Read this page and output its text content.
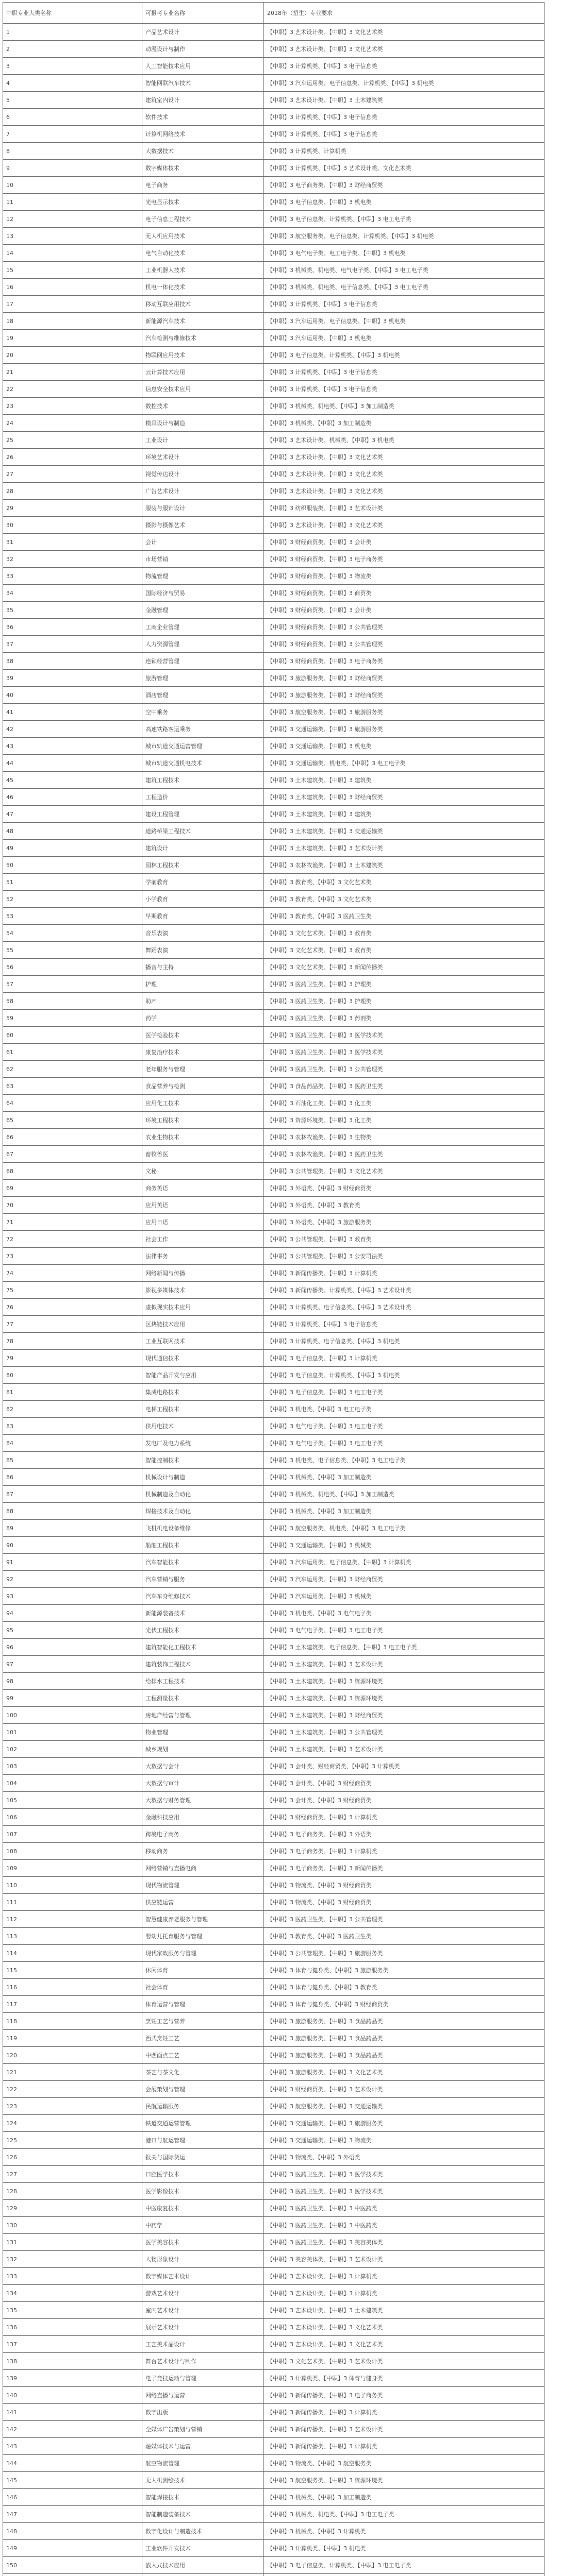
中职专业大类名称	可报考专业名称	2018年（招生）专业要求
1	产品艺术设计	【中职】3 艺术设计类、【中职】3 文化艺术类
2	动漫设计与制作	【中职】3 艺术设计类、【中职】3 文化艺术类
3	人工智能技术应用	【中职】3 计算机类、【中职】3 电子信息类
4	智能网联汽车技术	【中职】3 汽车运用类、电子信息类、计算机类、【中职】3 机电类
5	建筑室内设计	【中职】3 艺术设计类、【中职】3 土木建筑类
6	软件技术	【中职】3 计算机类、【中职】3 电子信息类
7	计算机网络技术	【中职】3 计算机类、【中职】3 电子信息类
8	大数据技术	【中职】3 计算机类、计算机类
9	数字媒体技术	【中职】3 计算机类、【中职】3 艺术设计类、文化艺术类
10	电子商务	【中职】3 电子商务类、【中职】3 财经商贸类
11	光电显示技术	【中职】3 电子信息类、【中职】3 机电类
12	电子信息工程技术	【中职】3 电子信息类、计算机类、【中职】3 电工电子类
13	无人机应用技术	【中职】3 航空服务类、电子信息类、计算机类、【中职】3 机电类
14	电气自动化技术	【中职】3 电气电子类、电工电子类、【中职】3 机电类
15	工业机器人技术	【中职】3 机械类、机电类、电气电子类、【中职】3 电工电子类
16	机电一体化技术	【中职】3 机械类、机电类、电子信息类、【中职】3 电工电子类
17	移动互联应用技术	【中职】3 计算机类、【中职】3 电子信息类
18	新能源汽车技术	【中职】3 汽车运用类、电子信息类、【中职】3 机电类
19	汽车检测与维修技术	【中职】3 汽车运用类、【中职】3 机电类
20	物联网应用技术	【中职】3 电子信息类、计算机类、【中职】3 机电类
21	云计算技术应用	【中职】3 计算机类、【中职】3 电子信息类
22	信息安全技术应用	【中职】3 计算机类、【中职】3 电子信息类
23	数控技术	【中职】3 机械类、机电类、【中职】3 加工制造类
24	模具设计与制造	【中职】3 机械类、【中职】3 加工制造类
25	工业设计	【中职】3 艺术设计类、机械类、【中职】3 机电类
26	环境艺术设计	【中职】3 艺术设计类、【中职】3 文化艺术类
27	视觉传达设计	【中职】3 艺术设计类、【中职】3 文化艺术类
28	广告艺术设计	【中职】3 艺术设计类、【中职】3 文化艺术类
29	服装与服饰设计	【中职】3 纺织服装类、【中职】3 艺术设计类
30	摄影与摄像艺术	【中职】3 艺术设计类、【中职】3 文化艺术类
31	会计	【中职】3 财经商贸类、【中职】3 会计类
32	市场营销	【中职】3 财经商贸类、【中职】3 电子商务类
33	物流管理	【中职】3 财经商贸类、【中职】3 物流类
34	国际经济与贸易	【中职】3 财经商贸类、【中职】3 商贸类
35	金融管理	【中职】3 财经商贸类、【中职】3 会计类
36	工商企业管理	【中职】3 财经商贸类、【中职】3 公共管理类
37	人力资源管理	【中职】3 财经商贸类、【中职】3 公共管理类
38	连锁经营管理	【中职】3 财经商贸类、【中职】3 电子商务类
39	旅游管理	【中职】3 旅游服务类、【中职】3 财经商贸类
40	酒店管理	【中职】3 旅游服务类、【中职】3 财经商贸类
41	空中乘务	【中职】3 航空服务类、【中职】3 旅游服务类
42	高速铁路客运乘务	【中职】3 交通运输类、【中职】3 旅游服务类
43	城市轨道交通运营管理	【中职】3 交通运输类、【中职】3 机电类
44	城市轨道交通机电技术	【中职】3 交通运输类、机电类、【中职】3 电工电子类
45	建筑工程技术	【中职】3 土木建筑类、【中职】3 建筑类
46	工程造价	【中职】3 土木建筑类、【中职】3 财经商贸类
47	建设工程管理	【中职】3 土木建筑类、【中职】3 建筑类
48	道路桥梁工程技术	【中职】3 土木建筑类、【中职】3 交通运输类
49	建筑设计	【中职】3 土木建筑类、【中职】3 艺术设计类
50	园林工程技术	【中职】3 农林牧渔类、【中职】3 土木建筑类
51	学前教育	【中职】3 教育类、【中职】3 文化艺术类
52	小学教育	【中职】3 教育类、【中职】3 文化艺术类
53	早期教育	【中职】3 教育类、【中职】3 医药卫生类
54	音乐表演	【中职】3 文化艺术类、【中职】3 教育类
55	舞蹈表演	【中职】3 文化艺术类、【中职】3 教育类
56	播音与主持	【中职】3 文化艺术类、【中职】3 新闻传播类
57	护理	【中职】3 医药卫生类、【中职】3 护理类
58	助产	【中职】3 医药卫生类、【中职】3 护理类
59	药学	【中职】3 医药卫生类、【中职】3 药剂类
60	医学检验技术	【中职】3 医药卫生类、【中职】3 医学技术类
61	康复治疗技术	【中职】3 医药卫生类、【中职】3 医学技术类
62	老年服务与管理	【中职】3 医药卫生类、【中职】3 公共管理类
63	食品营养与检测	【中职】3 食品药品类、【中职】3 医药卫生类
64	应用化工技术	【中职】3 石油化工类、【中职】3 化工类
65	环境工程技术	【中职】3 资源环境类、【中职】3 化工类
66	农业生物技术	【中职】3 农林牧渔类、【中职】3 生物类
67	畜牧兽医	【中职】3 农林牧渔类、【中职】3 医药卫生类
68	文秘	【中职】3 公共管理类、【中职】3 文化艺术类
69	商务英语	【中职】3 外语类、【中职】3 财经商贸类
70	应用英语	【中职】3 外语类、【中职】3 教育类
71	应用日语	【中职】3 外语类、【中职】3 旅游服务类
72	社会工作	【中职】3 公共管理类、【中职】3 教育类
73	法律事务	【中职】3 公共管理类、【中职】3 公安司法类
74	网络新闻与传播	【中职】3 新闻传播类、【中职】3 计算机类
75	影视多媒体技术	【中职】3 新闻传播类、计算机类、【中职】3 艺术设计类
76	虚拟现实技术应用	【中职】3 计算机类、电子信息类、【中职】3 艺术设计类
77	区块链技术应用	【中职】3 计算机类、【中职】3 电子信息类
78	工业互联网技术	【中职】3 计算机类、电子信息类、【中职】3 机电类
79	现代通信技术	【中职】3 电子信息类、【中职】3 计算机类
80	智能产品开发与应用	【中职】3 电子信息类、计算机类、【中职】3 机电类
81	集成电路技术	【中职】3 电子信息类、【中职】3 电工电子类
82	电梯工程技术	【中职】3 机电类、【中职】3 电工电子类
83	供用电技术	【中职】3 电气电子类、【中职】3 电工电子类
84	发电厂及电力系统	【中职】3 电气电子类、【中职】3 电工电子类
85	智能控制技术	【中职】3 机电类、电子信息类、【中职】3 电工电子类
86	机械设计与制造	【中职】3 机械类、【中职】3 加工制造类
87	机械制造及自动化	【中职】3 机械类、机电类、【中职】3 加工制造类
88	焊接技术及自动化	【中职】3 机械类、【中职】3 加工制造类
89	飞机机电设备维修	【中职】3 航空服务类、机电类、【中职】3 电工电子类
90	船舶工程技术	【中职】3 交通运输类、【中职】3 机械类
91	汽车智能技术	【中职】3 汽车运用类、电子信息类、【中职】3 计算机类
92	汽车营销与服务	【中职】3 汽车运用类、【中职】3 财经商贸类
93	汽车车身维修技术	【中职】3 汽车运用类、【中职】3 机械类
94	新能源装备技术	【中职】3 机电类、【中职】3 电气电子类
95	光伏工程技术	【中职】3 电气电子类、【中职】3 电工电子类
96	建筑智能化工程技术	【中职】3 土木建筑类、电子信息类、【中职】3 电工电子类
97	建筑装饰工程技术	【中职】3 土木建筑类、【中职】3 艺术设计类
98	给排水工程技术	【中职】3 土木建筑类、【中职】3 资源环境类
99	工程测量技术	【中职】3 土木建筑类、【中职】3 资源环境类
100	房地产经营与管理	【中职】3 土木建筑类、【中职】3 财经商贸类
101	物业管理	【中职】3 土木建筑类、【中职】3 公共管理类
102	城乡规划	【中职】3 土木建筑类、【中职】3 艺术设计类
103	大数据与会计	【中职】3 会计类、财经商贸类、【中职】3 计算机类
104	大数据与审计	【中职】3 会计类、【中职】3 财经商贸类
105	大数据与财务管理	【中职】3 会计类、【中职】3 财经商贸类
106	金融科技应用	【中职】3 财经商贸类、【中职】3 计算机类
107	跨境电子商务	【中职】3 电子商务类、【中职】3 外语类
108	移动商务	【中职】3 电子商务类、【中职】3 计算机类
109	网络营销与直播电商	【中职】3 电子商务类、【中职】3 新闻传播类
110	现代物流管理	【中职】3 物流类、【中职】3 财经商贸类
111	供应链运营	【中职】3 物流类、【中职】3 财经商贸类
112	智慧健康养老服务与管理	【中职】3 医药卫生类、【中职】3 公共管理类
113	婴幼儿托育服务与管理	【中职】3 教育类、【中职】3 医药卫生类
114	现代家政服务与管理	【中职】3 公共管理类、【中职】3 旅游服务类
115	休闲体育	【中职】3 体育与健身类、【中职】3 旅游服务类
116	社会体育	【中职】3 体育与健身类、【中职】3 教育类
117	体育运营与管理	【中职】3 体育与健身类、【中职】3 财经商贸类
118	烹饪工艺与营养	【中职】3 旅游服务类、【中职】3 食品药品类
119	西式烹饪工艺	【中职】3 旅游服务类、【中职】3 食品药品类
120	中西面点工艺	【中职】3 旅游服务类、【中职】3 食品药品类
121	茶艺与茶文化	【中职】3 旅游服务类、【中职】3 文化艺术类
122	会展策划与管理	【中职】3 财经商贸类、【中职】3 艺术设计类
123	民航运输服务	【中职】3 航空服务类、【中职】3 交通运输类
124	铁道交通运营管理	【中职】3 交通运输类、【中职】3 旅游服务类
125	港口与航运管理	【中职】3 交通运输类、【中职】3 物流类
126	报关与国际货运	【中职】3 物流类、【中职】3 外语类
127	口腔医学技术	【中职】3 医药卫生类、【中职】3 医学技术类
128	医学影像技术	【中职】3 医药卫生类、【中职】3 医学技术类
129	中医康复技术	【中职】3 医药卫生类、【中职】3 中医药类
130	中药学	【中职】3 医药卫生类、【中职】3 中医药类
131	医学美容技术	【中职】3 医药卫生类、【中职】3 美容美体类
132	人物形象设计	【中职】3 美容美体类、【中职】3 艺术设计类
133	数字媒体艺术设计	【中职】3 艺术设计类、【中职】3 计算机类
134	游戏艺术设计	【中职】3 艺术设计类、【中职】3 计算机类
135	室内艺术设计	【中职】3 艺术设计类、【中职】3 土木建筑类
136	展示艺术设计	【中职】3 艺术设计类、【中职】3 文化艺术类
137	工艺美术品设计	【中职】3 艺术设计类、【中职】3 文化艺术类
138	舞台艺术设计与制作	【中职】3 文化艺术类、【中职】3 艺术设计类
139	电子竞技运动与管理	【中职】3 计算机类、【中职】3 体育与健身类
140	网络直播与运营	【中职】3 新闻传播类、【中职】3 电子商务类
141	数字出版	【中职】3 新闻传播类、【中职】3 计算机类
142	全媒体广告策划与营销	【中职】3 新闻传播类、【中职】3 艺术设计类
143	融媒体技术与运营	【中职】3 新闻传播类、【中职】3 计算机类
144	航空物流管理	【中职】3 物流类、【中职】3 航空服务类
145	无人机测绘技术	【中职】3 航空服务类、【中职】3 资源环境类
146	智能焊接技术	【中职】3 机械类、【中职】3 加工制造类
147	智能制造装备技术	【中职】3 机械类、机电类、【中职】3 电工电子类
148	数字化设计与制造技术	【中职】3 机械类、【中职】3 计算机类
149	工业软件开发技术	【中职】3 计算机类、【中职】3 机电类
150	嵌入式技术应用	【中职】3 电子信息类、计算机类、【中职】3 电工电子类
